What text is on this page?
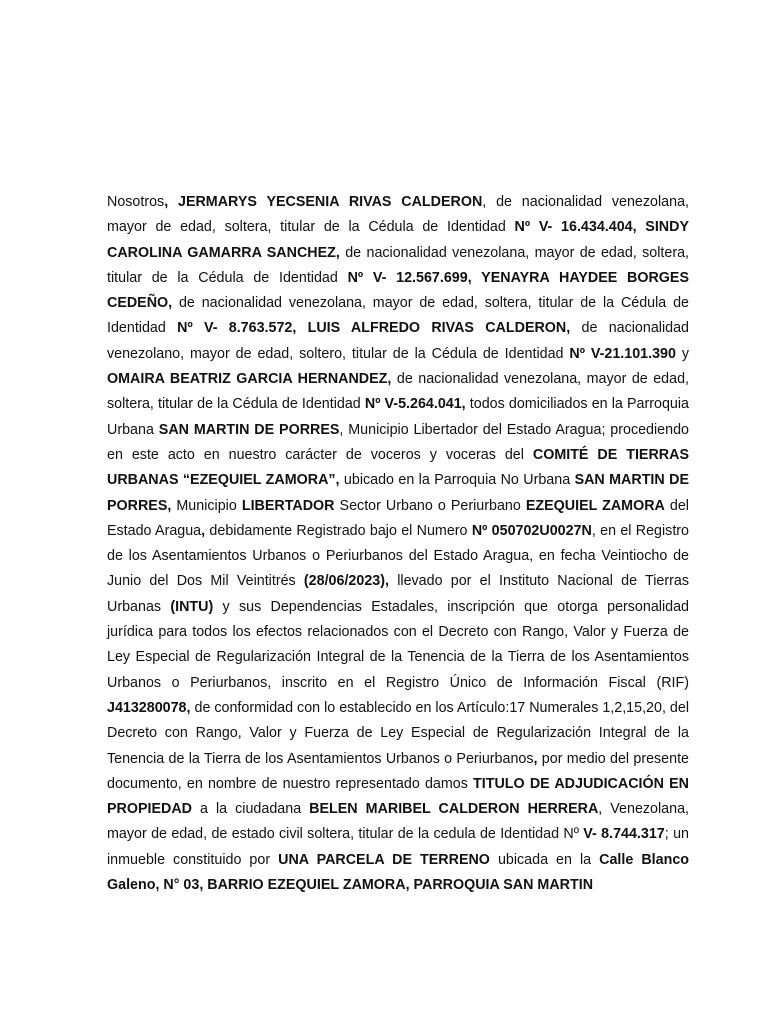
Nosotros, JERMARYS YECSENIA RIVAS CALDERON, de nacionalidad venezolana, mayor de edad, soltera, titular de la Cédula de Identidad Nº V- 16.434.404, SINDY CAROLINA GAMARRA SANCHEZ, de nacionalidad venezolana, mayor de edad, soltera, titular de la Cédula de Identidad Nº V- 12.567.699, YENAYRA HAYDEE BORGES CEDEÑO, de nacionalidad venezolana, mayor de edad, soltera, titular de la Cédula de Identidad Nº V- 8.763.572, LUIS ALFREDO RIVAS CALDERON, de nacionalidad venezolano, mayor de edad, soltero, titular de la Cédula de Identidad Nº V-21.101.390 y OMAIRA BEATRIZ GARCIA HERNANDEZ, de nacionalidad venezolana, mayor de edad, soltera, titular de la Cédula de Identidad Nº V-5.264.041, todos domiciliados en la Parroquia Urbana SAN MARTIN DE PORRES, Municipio Libertador del Estado Aragua; procediendo en este acto en nuestro carácter de voceros y voceras del COMITÉ DE TIERRAS URBANAS “EZEQUIEL ZAMORA”, ubicado en la Parroquia No Urbana SAN MARTIN DE PORRES, Municipio LIBERTADOR Sector Urbano o Periurbano EZEQUIEL ZAMORA del Estado Aragua, debidamente Registrado bajo el Numero Nº 050702U0027N, en el Registro de los Asentamientos Urbanos o Periurbanos del Estado Aragua, en fecha Veintiocho de Junio del Dos Mil Veintitrés (28/06/2023), llevado por el Instituto Nacional de Tierras Urbanas (INTU) y sus Dependencias Estadales, inscripción que otorga personalidad jurídica para todos los efectos relacionados con el Decreto con Rango, Valor y Fuerza de Ley Especial de Regularización Integral de la Tenencia de la Tierra de los Asentamientos Urbanos o Periurbanos, inscrito en el Registro Único de Información Fiscal (RIF) J413280078, de conformidad con lo establecido en los Artículo:17 Numerales 1,2,15,20, del Decreto con Rango, Valor y Fuerza de Ley Especial de Regularización Integral de la Tenencia de la Tierra de los Asentamientos Urbanos o Periurbanos, por medio del presente documento, en nombre de nuestro representado damos TITULO DE ADJUDICACIÓN EN PROPIEDAD a la ciudadana BELEN MARIBEL CALDERON HERRERA, Venezolana, mayor de edad, de estado civil soltera, titular de la cedula de Identidad Nº V- 8.744.317; un inmueble constituido por UNA PARCELA DE TERRENO ubicada en la Calle Blanco Galeno, N° 03, BARRIO EZEQUIEL ZAMORA, PARROQUIA SAN MARTIN
